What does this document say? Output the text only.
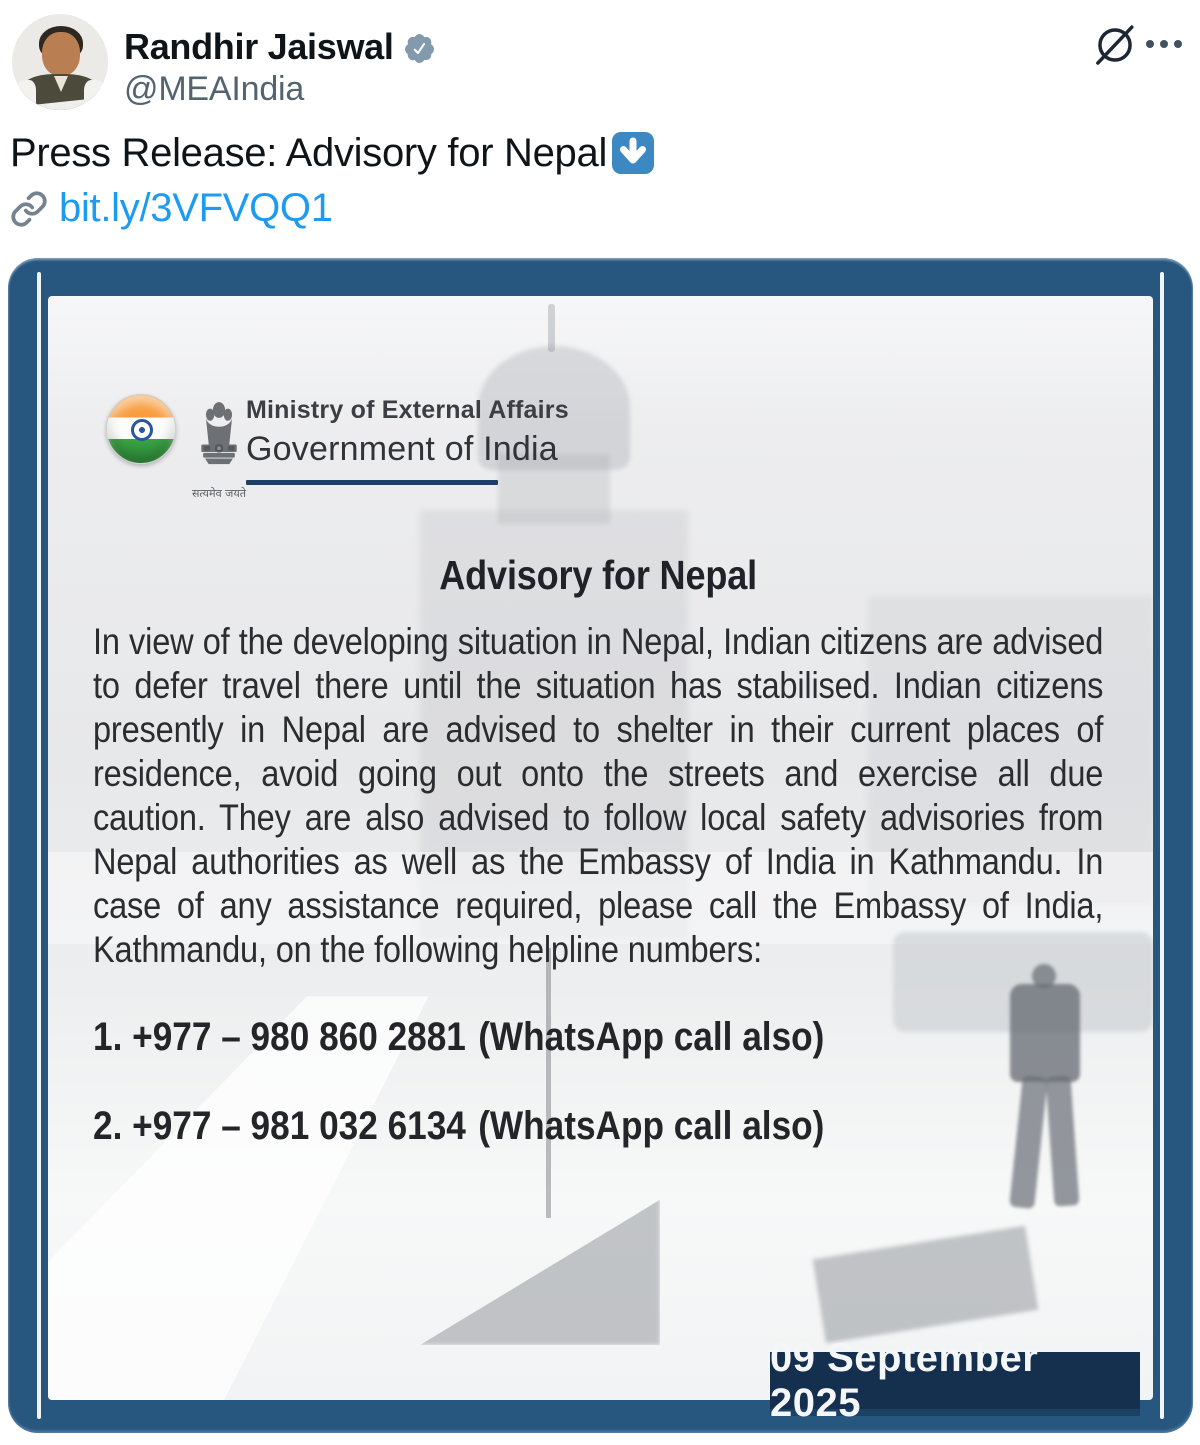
Randhir Jaiswal
@MEAIndia
Press Release: Advisory for Nepal
bit.ly/3VFVQQ1
सत्यमेव जयते
Ministry of External Affairs
Government of India
Advisory for Nepal
In view of the developing situation in Nepal, Indian citizens are advised to defer travel there until the situation has stabilised. Indian citizens presently in Nepal are advised to shelter in their current places of residence, avoid going out onto the streets and exercise all due caution. They are also advised to follow local safety advisories from Nepal authorities as well as the Embassy of India in Kathmandu. In case of any assistance required, please call the Embassy of India, Kathmandu, on the following helpline numbers:
1. +977 – 980 860 2881 (WhatsApp call also)
2. +977 – 981 032 6134 (WhatsApp call also)
09 September 2025
